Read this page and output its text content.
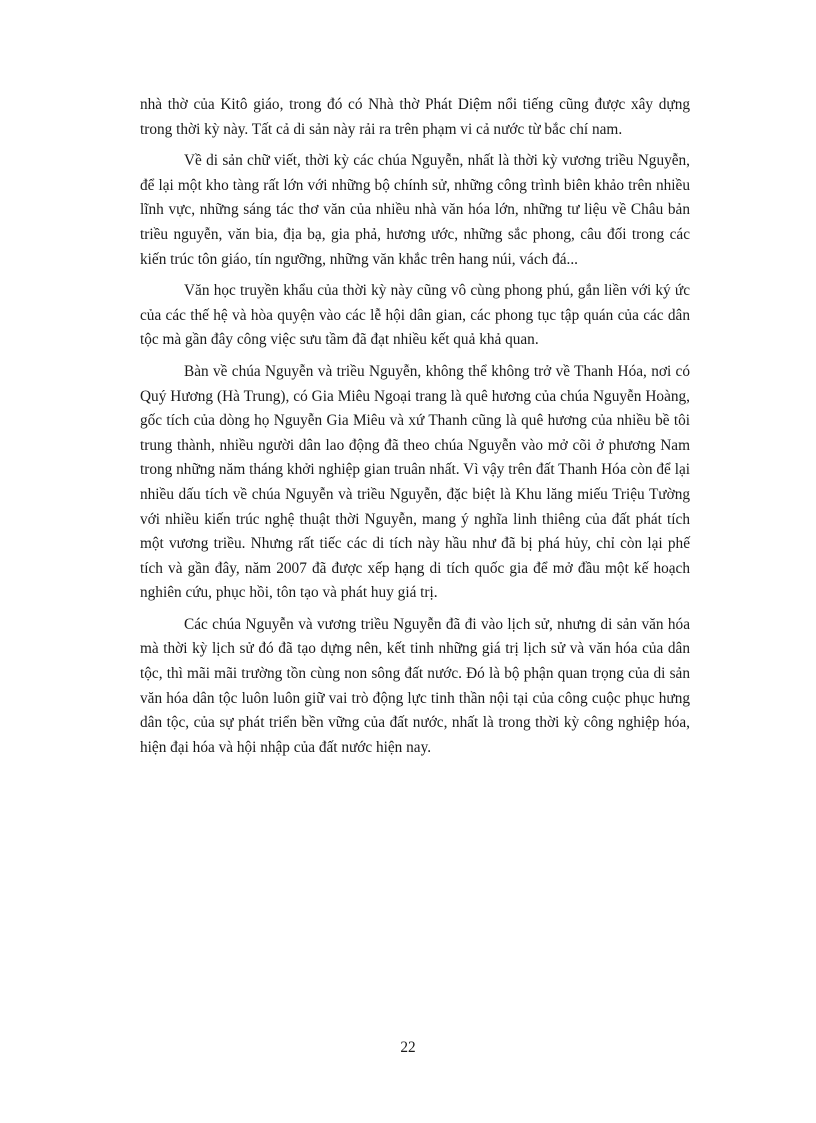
nhà thờ của Kitô giáo, trong đó có Nhà thờ Phát Diệm nổi tiếng cũng được xây dựng trong thời kỳ này. Tất cả di sản này rải ra trên phạm vi cả nước từ bắc chí nam.

Về di sản chữ viết, thời kỳ các chúa Nguyễn, nhất là thời kỳ vương triều Nguyễn, để lại một kho tàng rất lớn với những bộ chính sử, những công trình biên khảo trên nhiều lĩnh vực, những sáng tác thơ văn của nhiều nhà văn hóa lớn, những tư liệu về Châu bản triều nguyễn, văn bia, địa bạ, gia phả, hương ước, những sắc phong, câu đối trong các kiến trúc tôn giáo, tín ngưỡng, những văn khắc trên hang núi, vách đá...

Văn học truyền khẩu của thời kỳ này cũng vô cùng phong phú, gắn liền với ký ức của các thế hệ và hòa quyện vào các lễ hội dân gian, các phong tục tập quán của các dân tộc mà gần đây công việc sưu tầm đã đạt nhiều kết quả khả quan.

Bàn về chúa Nguyễn và triều Nguyễn, không thể không trở về Thanh Hóa, nơi có Quý Hương (Hà Trung), có Gia Miêu Ngoại trang là quê hương của chúa Nguyễn Hoàng, gốc tích của dòng họ Nguyễn Gia Miêu và xứ Thanh cũng là quê hương của nhiều bề tôi trung thành, nhiều người dân lao động đã theo chúa Nguyễn vào mở cõi ở phương Nam trong những năm tháng khởi nghiệp gian truân nhất. Vì vậy trên đất Thanh Hóa còn để lại nhiều dấu tích về chúa Nguyễn và triều Nguyễn, đặc biệt là Khu lăng miếu Triệu Tường với nhiều kiến trúc nghệ thuật thời Nguyễn, mang ý nghĩa linh thiêng của đất phát tích một vương triều. Nhưng rất tiếc các di tích này hầu như đã bị phá hủy, chỉ còn lại phế tích và gần đây, năm 2007 đã được xếp hạng di tích quốc gia để mở đầu một kế hoạch nghiên cứu, phục hồi, tôn tạo và phát huy giá trị.

Các chúa Nguyễn và vương triều Nguyễn đã đi vào lịch sử, nhưng di sản văn hóa mà thời kỳ lịch sử đó đã tạo dựng nên, kết tinh những giá trị lịch sử và văn hóa của dân tộc, thì mãi mãi trường tồn cùng non sông đất nước. Đó là bộ phận quan trọng của di sản văn hóa dân tộc luôn luôn giữ vai trò động lực tinh thần nội tại của công cuộc phục hưng dân tộc, của sự phát triển bền vững của đất nước, nhất là trong thời kỳ công nghiệp hóa, hiện đại hóa và hội nhập của đất nước hiện nay.

22
